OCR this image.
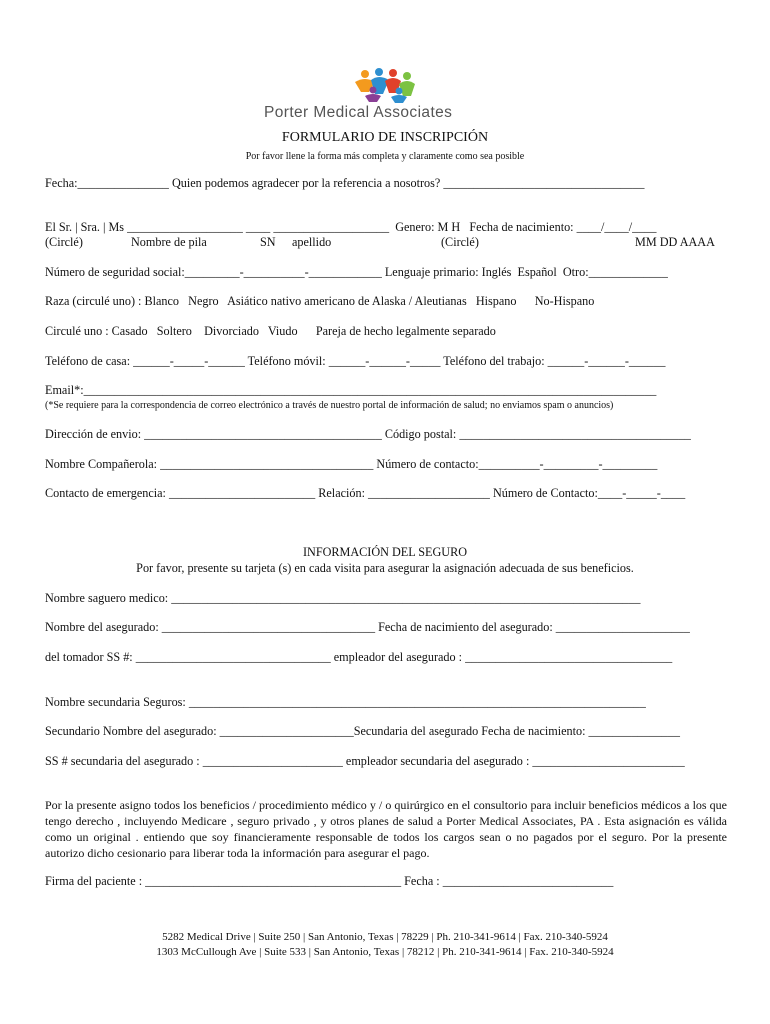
Porter Medical Associates
FORMULARIO DE INSCRIPCIÓN
Por favor llene la forma más completa y claramente como sea posible
Fecha:_______________ Quien podemos agradecer por la referencia a nosotros? _________________________________
El Sr. | Sra. | Ms ___________________ ____ ___________________  Genero: M H   Fecha de nacimiento: ____/____/____
(Circlé)	Nombre de pila	SN apellido	(Circlé)	MM DD AAAA
Número de seguridad social:_________-__________-____________ Lenguaje primario: Inglés  Español  Otro:_____________
Raza (circulé uno) : Blanco   Negro   Asiático nativo americano de Alaska / Aleutianas   Hispano      No-Hispano
Circulé uno : Casado   Soltero    Divorciado   Viudo      Pareja de hecho legalmente separado
Teléfono de casa: ______-_____-______ Teléfono móvil: ______-______-_____ Teléfono del trabajo: ______-______-______
Email*:______________________________________________________________________________________________
(*Se requiere para la correspondencia de correo electrónico a través de nuestro portal de información de salud; no enviamos spam o anuncios)
Dirección de envio: _______________________________________ Código postal: ______________________________________
Nombre Compañerola: ___________________________________ Número de contacto:__________-_________-_________
Contacto de emergencia: ________________________ Relación: ____________________ Número de Contacto:____-_____-____
INFORMACIÓN DEL SEGURO
Por favor, presente su tarjeta (s) en cada visita para asegurar la asignación adecuada de sus beneficios.
Nombre saguero medico: _____________________________________________________________________________
Nombre del asegurado: ___________________________________ Fecha de nacimiento del asegurado: ______________________
del tomador SS #: ________________________________ empleador del asegurado : __________________________________
Nombre secundaria Seguros: ___________________________________________________________________________
Secundario Nombre del asegurado: ______________________Secundaria del asegurado Fecha de nacimiento: _______________
SS # secundaria del asegurado : _______________________ empleador secundaria del asegurado : _________________________
Por la presente asigno todos los beneficios / procedimiento médico y / o quirúrgico en el consultorio para incluir beneficios médicos a los que tengo derecho , incluyendo Medicare , seguro privado , y otros planes de salud a Porter Medical Associates, PA . Esta asignación es válida como un original . entiendo que soy financieramente responsable de todos los cargos sean o no pagados por el seguro. Por la presente autorizo dicho cesionario para liberar toda la información para asegurar el pago.
Firma del paciente : __________________________________________ Fecha : ____________________________
5282 Medical Drive | Suite 250 | San Antonio, Texas | 78229 | Ph. 210-341-9614 | Fax. 210-340-5924
1303 McCullough Ave | Suite 533 | San Antonio, Texas | 78212 | Ph. 210-341-9614 | Fax. 210-340-5924
